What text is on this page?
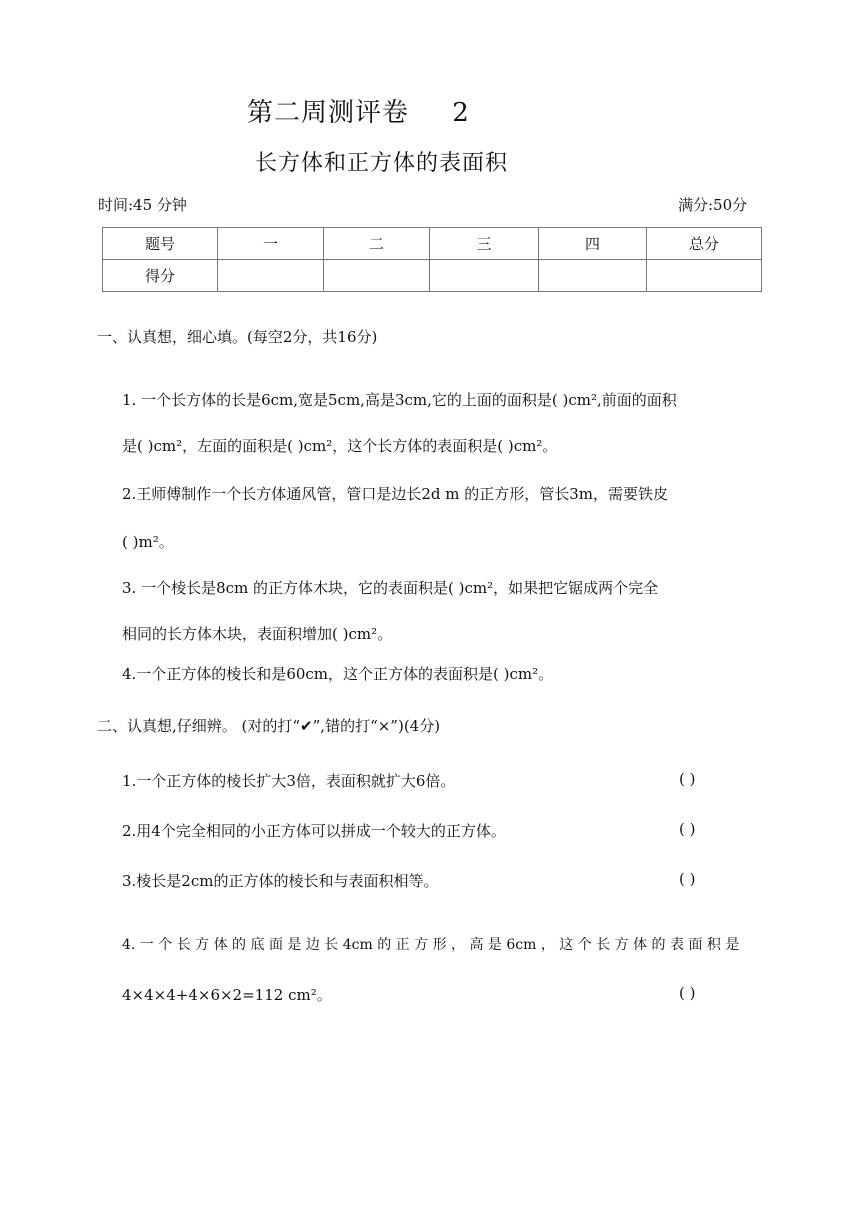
第二周测评卷 2
长方体和正方体的表面积
时间:45 分钟	满分:50分
题号	一	二	三	四	总分
得分					
一、认真想，细心填。(每空2分，共16分)
1. 一个长方体的长是6cm,宽是5cm,高是3cm,它的上面的面积是( )cm²,前面的面积
是( )cm²，左面的面积是( )cm²，这个长方体的表面积是( )cm²。
2.王师傅制作一个长方体通风管，管口是边长2d m 的正方形，管长3m，需要铁皮
( )m²。
3. 一个棱长是8cm 的正方体木块，它的表面积是( )cm²，如果把它锯成两个完全
相同的长方体木块，表面积增加( )cm²。
4.一个正方体的棱长和是60cm，这个正方体的表面积是( )cm²。
二、认真想,仔细辨。 (对的打“✔”,错的打“×”)(4分)
1.一个正方体的棱长扩大3倍，表面积就扩大6倍。	( )
2.用4个完全相同的小正方体可以拼成一个较大的正方体。	( )
3.棱长是2cm的正方体的棱长和与表面积相等。	( )
4. 一 个 长 方 体 的 底 面 是 边 长 4cm 的 正 方 形 ， 高 是 6cm ， 这 个 长 方 体 的 表 面 积 是
4×4×4+4×6×2=112 cm²。	( )
